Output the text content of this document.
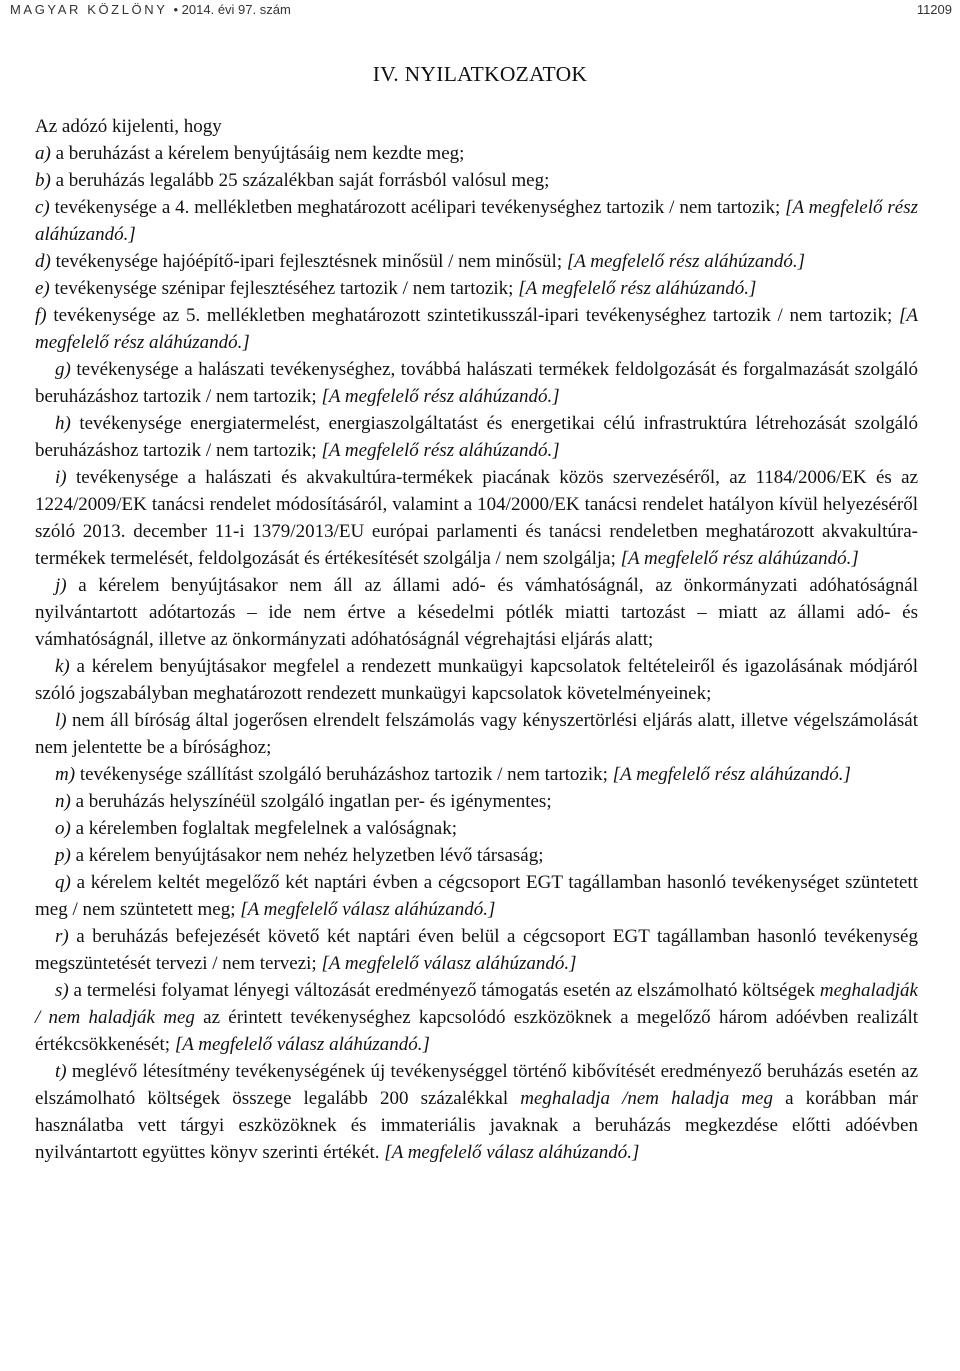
MAGYAR KÖZLÖNY • 2014. évi 97. szám	11209
IV. NYILATKOZATOK
Az adózó kijelenti, hogy
a) a beruházást a kérelem benyújtásáig nem kezdte meg;
b) a beruházás legalább 25 százalékban saját forrásból valósul meg;
c) tevékenysége a 4. mellékletben meghatározott acélipari tevékenységhez tartozik / nem tartozik; [A megfelelő rész aláhúzandó.]
d) tevékenysége hajóépítő-ipari fejlesztésnek minősül / nem minősül; [A megfelelő rész aláhúzandó.]
e) tevékenysége szénipar fejlesztéséhez tartozik / nem tartozik; [A megfelelő rész aláhúzandó.]
f) tevékenysége az 5. mellékletben meghatározott szintetikusszál-ipari tevékenységhez tartozik / nem tartozik; [A megfelelő rész aláhúzandó.]
g) tevékenysége a halászati tevékenységhez, továbbá halászati termékek feldolgozását és forgalmazását szolgáló beruházáshoz tartozik / nem tartozik; [A megfelelő rész aláhúzandó.]
h) tevékenysége energiatermelést, energiaszolgáltatást és energetikai célú infrastruktúra létrehozását szolgáló beruházáshoz tartozik / nem tartozik; [A megfelelő rész aláhúzandó.]
i) tevékenysége a halászati és akvakultúra-termékek piacának közös szervezéséről, az 1184/2006/EK és az 1224/2009/EK tanácsi rendelet módosításáról, valamint a 104/2000/EK tanácsi rendelet hatályon kívül helyezéséről szóló 2013. december 11-i 1379/2013/EU európai parlamenti és tanácsi rendeletben meghatározott akvakultúra-termékek termelését, feldolgozását és értékesítését szolgálja / nem szolgálja; [A megfelelő rész aláhúzandó.]
j) a kérelem benyújtásakor nem áll az állami adó- és vámhatóságnál, az önkormányzati adóhatóságnál nyilvántartott adótartozás – ide nem értve a késedelmi pótlék miatti tartozást – miatt az állami adó- és vámhatóságnál, illetve az önkormányzati adóhatóságnál végrehajtási eljárás alatt;
k) a kérelem benyújtásakor megfelel a rendezett munkaügyi kapcsolatok feltételeiről és igazolásának módjáról szóló jogszabályban meghatározott rendezett munkaügyi kapcsolatok követelményeinek;
l) nem áll bíróság által jogerősen elrendelt felszámolás vagy kényszertörlési eljárás alatt, illetve végelszámolását nem jelentette be a bírósághoz;
m) tevékenysége szállítást szolgáló beruházáshoz tartozik / nem tartozik; [A megfelelő rész aláhúzandó.]
n) a beruházás helyszínéül szolgáló ingatlan per- és igénymentes;
o) a kérelemben foglaltak megfelelnek a valóságnak;
p) a kérelem benyújtásakor nem nehéz helyzetben lévő társaság;
q) a kérelem keltét megelőző két naptári évben a cégcsoport EGT tagállamban hasonló tevékenységet szüntetett meg / nem szüntetett meg; [A megfelelő válasz aláhúzandó.]
r) a beruházás befejezését követő két naptári éven belül a cégcsoport EGT tagállamban hasonló tevékenység megszüntetését tervezi / nem tervezi; [A megfelelő válasz aláhúzandó.]
s) a termelési folyamat lényegi változását eredményező támogatás esetén az elszámolható költségek meghaladják / nem haladják meg az érintett tevékenységhez kapcsolódó eszközöknek a megelőző három adóévben realizált értékcsökkenését; [A megfelelő válasz aláhúzandó.]
t) meglévő létesítmény tevékenységének új tevékenységgel történő kibővítését eredményező beruházás esetén az elszámolható költségek összege legalább 200 százalékkal meghaladja /nem haladja meg a korábban már használatba vett tárgyi eszközöknek és immateriális javaknak a beruházás megkezdése előtti adóévben nyilvántartott együttes könyv szerinti értékét. [A megfelelő válasz aláhúzandó.]
